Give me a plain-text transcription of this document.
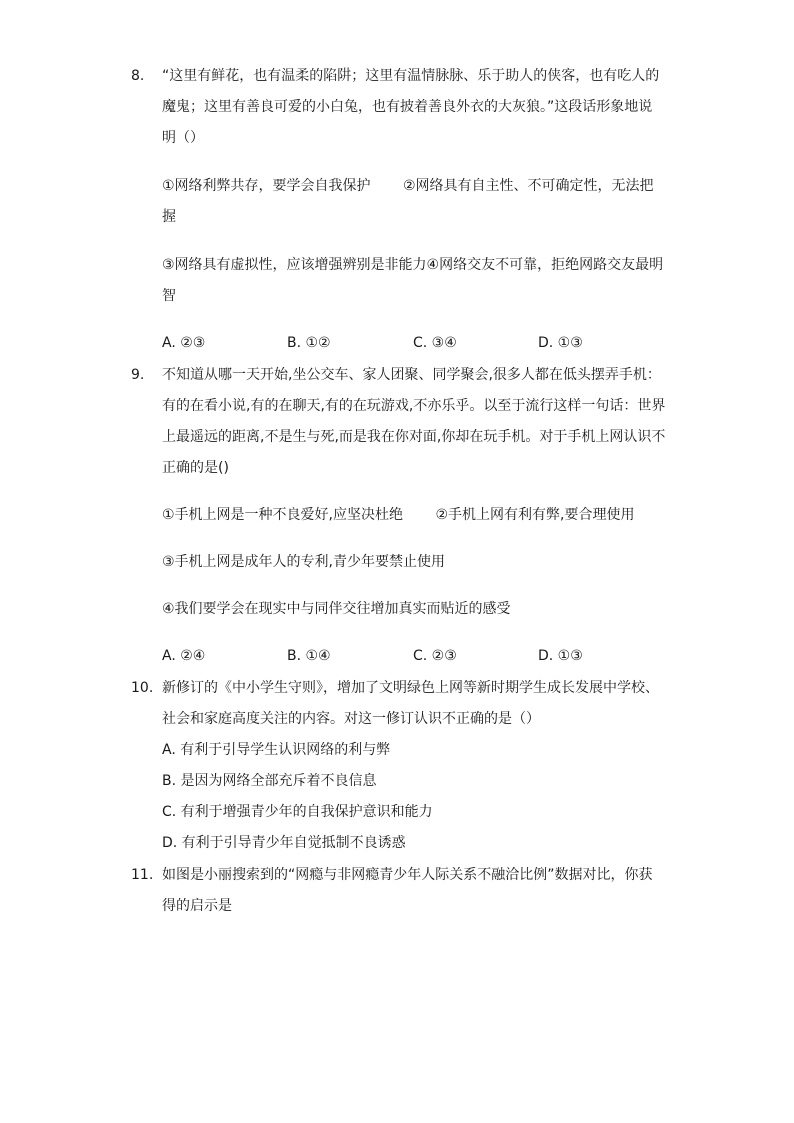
8. “这里有鲜花，也有温柔的陷阱；这里有温情脉脉、乐于助人的侠客，也有吃人的
魔鬼；这里有善良可爱的小白兔，也有披着善良外衣的大灰狼。”这段话形象地说
明（）
①网络利弊共存，要学会自我保护 　　②网络具有自主性、不可确定性，无法把
握
③网络具有虚拟性，应该增强辨别是非能力④网络交友不可靠，拒绝网路交友最明
智
A. ②③	B. ①②	C. ③④	D. ①③
9. 不知道从哪一天开始,坐公交车、家人团聚、同学聚会,很多人都在低头摆弄手机：
有的在看小说,有的在聊天,有的在玩游戏,不亦乐乎。以至于流行这样一句话：世界
上最遥远的距离,不是生与死,而是我在你对面,你却在玩手机。对于手机上网认识不
正确的是()
①手机上网是一种不良爱好,应坚决杜绝 　　②手机上网有利有弊,要合理使用
③手机上网是成年人的专利,青少年要禁止使用
④我们要学会在现实中与同伴交往增加真实而贴近的感受
A. ②④	B. ①④	C. ②③	D. ①③
10. 新修订的《中小学生守则》，增加了文明绿色上网等新时期学生成长发展中学校、
社会和家庭高度关注的内容。对这一修订认识不正确的是（）
A. 有利于引导学生认识网络的利与弊
B. 是因为网络全部充斥着不良信息
C. 有利于增强青少年的自我保护意识和能力
D. 有利于引导青少年自觉抵制不良诱惑
11. 如图是小丽搜索到的“网瘾与非网瘾青少年人际关系不融洽比例”数据对比，你获
得的启示是
